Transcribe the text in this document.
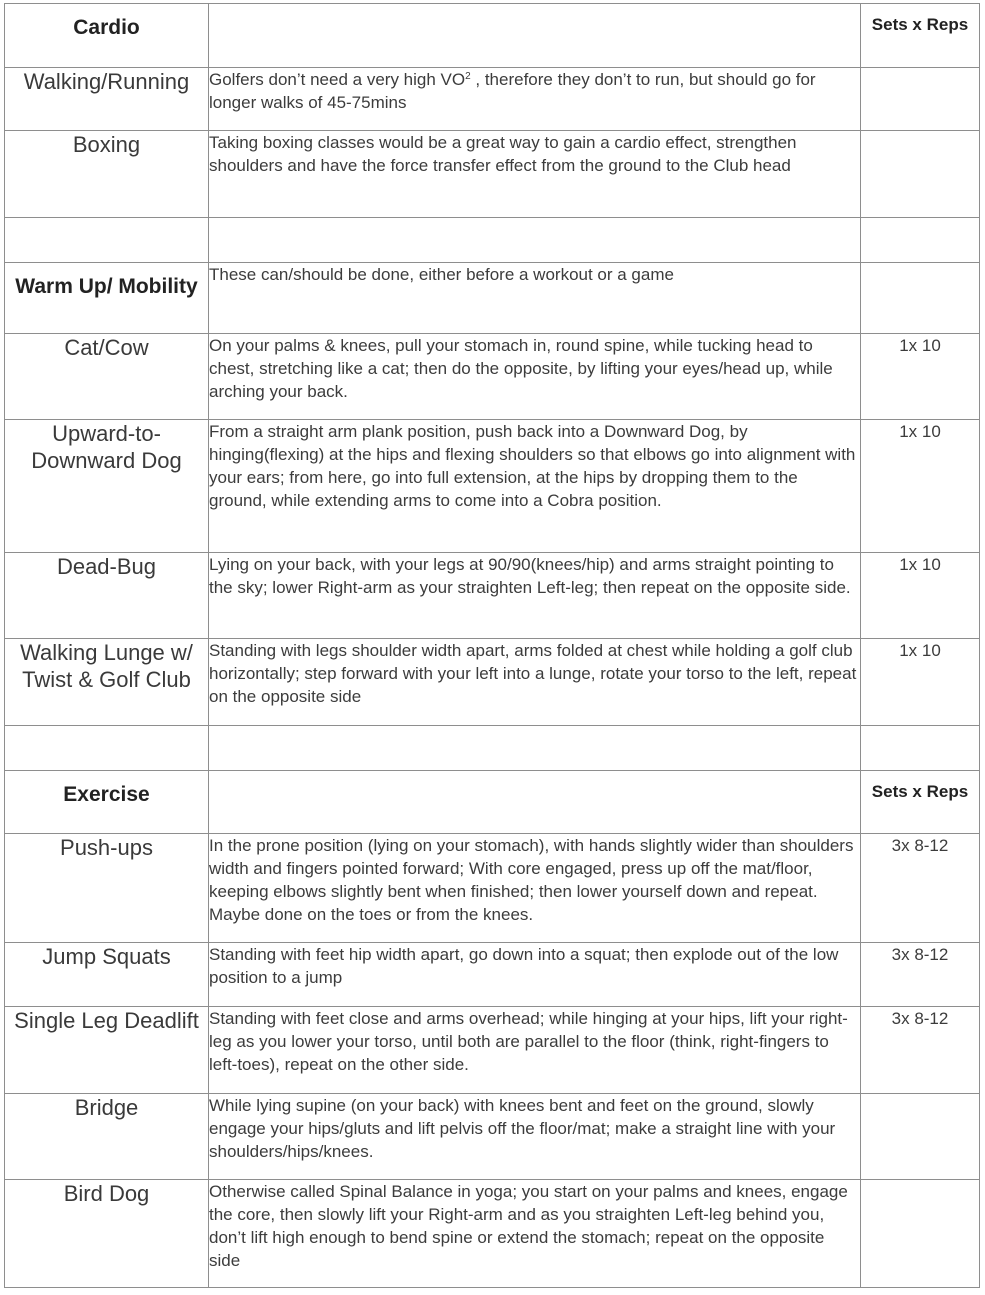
Cardio		Sets x Reps
Walking/Running	Golfers don’t need a very high $VO^2$ , therefore they don’t to run, but should go for longer walks of 45-75mins	
Boxing	Taking boxing classes would be a great way to gain a cardio effect, strengthen shoulders and have the force transfer effect from the ground to the Club head	

Warm Up/ Mobility	These can/should be done, either before a workout or a game	
Cat/Cow	On your palms & knees, pull your stomach in, round spine, while tucking head to chest, stretching like a cat; then do the opposite, by lifting your eyes/head up, while arching your back.	1x 10
Upward-to-Downward Dog	From a straight arm plank position, push back into a Downward Dog, by hinging(flexing) at the hips and flexing shoulders so that elbows go into alignment with your ears; from here, go into full extension, at the hips by dropping them to the ground, while extending arms to come into a Cobra position.	1x 10
Dead-Bug	Lying on your back, with your legs at 90/90(knees/hip) and arms straight pointing to the sky; lower Right-arm as your straighten Left-leg; then repeat on the opposite side.	1x 10
Walking Lunge w/ Twist & Golf Club	Standing with legs shoulder width apart, arms folded at chest while holding a golf club horizontally; step forward with your left into a lunge, rotate your torso to the left, repeat on the opposite side	1x 10

Exercise		Sets x Reps
Push-ups	In the prone position (lying on your stomach), with hands slightly wider than shoulders width and fingers pointed forward; With core engaged, press up off the mat/floor, keeping elbows slightly bent when finished; then lower yourself down and repeat. Maybe done on the toes or from the knees.	3x 8-12
Jump Squats	Standing with feet hip width apart, go down into a squat; then explode out of the low position to a jump	3x 8-12
Single Leg Deadlift	Standing with feet close and arms overhead; while hinging at your hips, lift your right-leg as you lower your torso, until both are parallel to the floor (think, right-fingers to left-toes), repeat on the other side.	3x 8-12
Bridge	While lying supine (on your back) with knees bent and feet on the ground, slowly engage your hips/gluts and lift pelvis off the floor/mat; make a straight line with your shoulders/hips/knees.	
Bird Dog	Otherwise called Spinal Balance in yoga; you start on your palms and knees, engage the core, then slowly lift your Right-arm and as you straighten Left-leg behind you, don’t lift high enough to bend spine or extend the stomach; repeat on the opposite side	
